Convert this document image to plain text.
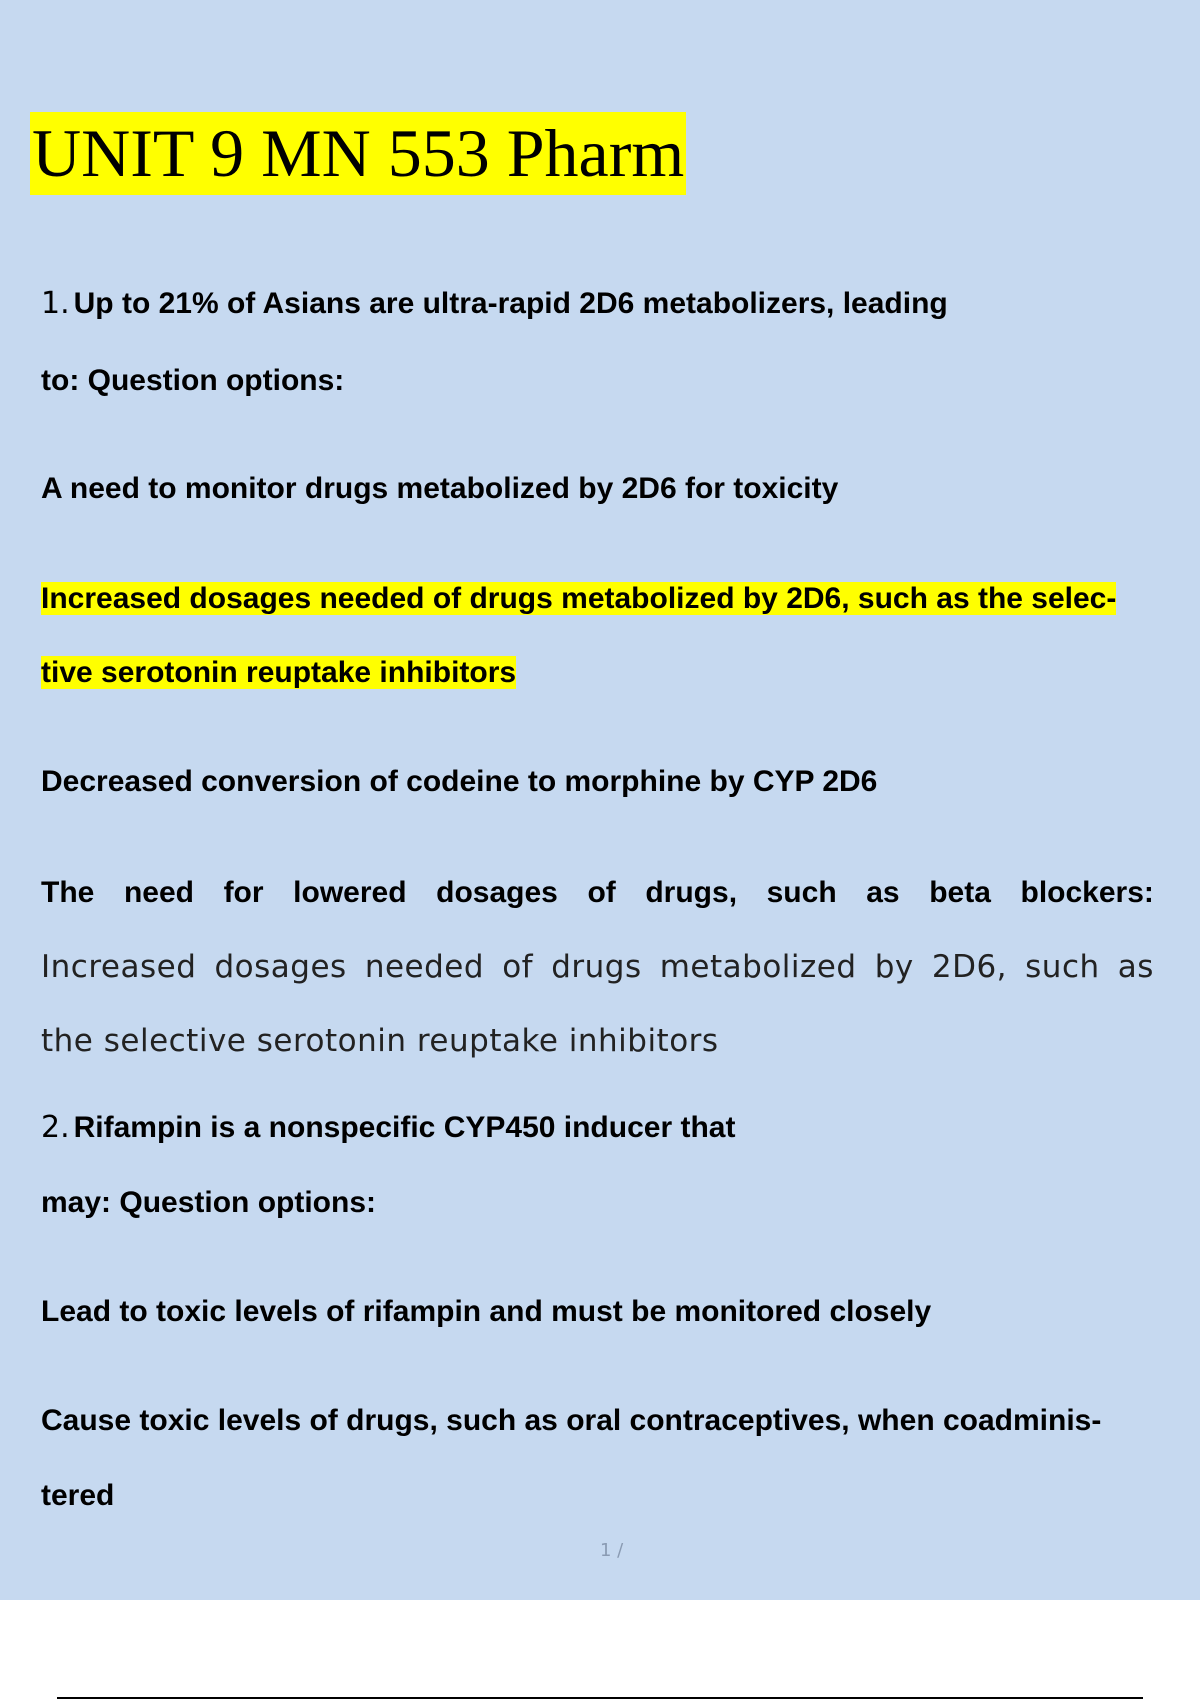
UNIT 9 MN 553 Pharm
1. Up to 21% of Asians are ultra-rapid 2D6 metabolizers, leading
to: Question options:
A need to monitor drugs metabolized by 2D6 for toxicity
Increased dosages needed of drugs metabolized by 2D6, such as the selec-
tive serotonin reuptake inhibitors
Decreased conversion of codeine to morphine by CYP 2D6
The need for lowered dosages of drugs, such as beta blockers:
Increased dosages needed of drugs metabolized by 2D6, such as
the selective serotonin reuptake inhibitors
2. Rifampin is a nonspecific CYP450 inducer that
may: Question options:
Lead to toxic levels of rifampin and must be monitored closely
Cause toxic levels of drugs, such as oral contraceptives, when coadminis-
tered
1 /
